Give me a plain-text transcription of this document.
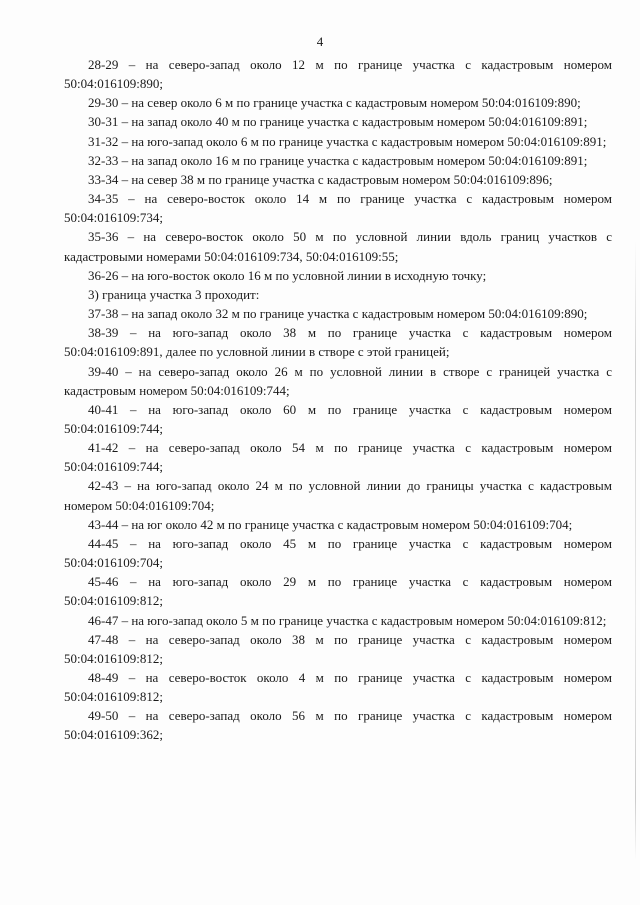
4

28-29 – на северо-запад около 12 м по границе участка с кадастровым номером 50:04:016109:890;

29-30 – на север около 6 м по границе участка с кадастровым номером 50:04:016109:890;

30-31 – на запад около 40 м по границе участка с кадастровым номером 50:04:016109:891;

31-32 – на юго-запад около 6 м по границе участка с кадастровым номером 50:04:016109:891;

32-33 – на запад около 16 м по границе участка с кадастровым номером 50:04:016109:891;

33-34 – на север 38 м по границе участка с кадастровым номером 50:04:016109:896;

34-35 – на северо-восток около 14 м по границе участка с кадастровым номером 50:04:016109:734;

35-36 – на северо-восток около 50 м по условной линии вдоль границ участков с кадастровыми номерами 50:04:016109:734, 50:04:016109:55;

36-26 – на юго-восток около 16 м по условной линии в исходную точку;

3) граница участка 3 проходит:

37-38 – на запад около 32 м по границе участка с кадастровым номером 50:04:016109:890;

38-39 – на юго-запад около 38 м по границе участка с кадастровым номером 50:04:016109:891, далее по условной линии в створе с этой границей;

39-40 – на северо-запад около 26 м по условной линии в створе с границей участка с кадастровым номером 50:04:016109:744;

40-41 – на юго-запад около 60 м по границе участка с кадастровым номером 50:04:016109:744;

41-42 – на северо-запад около 54 м по границе участка с кадастровым номером 50:04:016109:744;

42-43 – на юго-запад около 24 м по условной линии до границы участка с кадастровым номером 50:04:016109:704;

43-44 – на юг около 42 м по границе участка с кадастровым номером 50:04:016109:704;

44-45 – на юго-запад около 45 м по границе участка с кадастровым номером 50:04:016109:704;

45-46 – на юго-запад около 29 м по границе участка с кадастровым номером 50:04:016109:812;

46-47 – на юго-запад около 5 м по границе участка с кадастровым номером 50:04:016109:812;

47-48 – на северо-запад около 38 м по границе участка с кадастровым номером 50:04:016109:812;

48-49 – на северо-восток около 4 м по границе участка с кадастровым номером 50:04:016109:812;

49-50 – на северо-запад около 56 м по границе участка с кадастровым номером 50:04:016109:362;
